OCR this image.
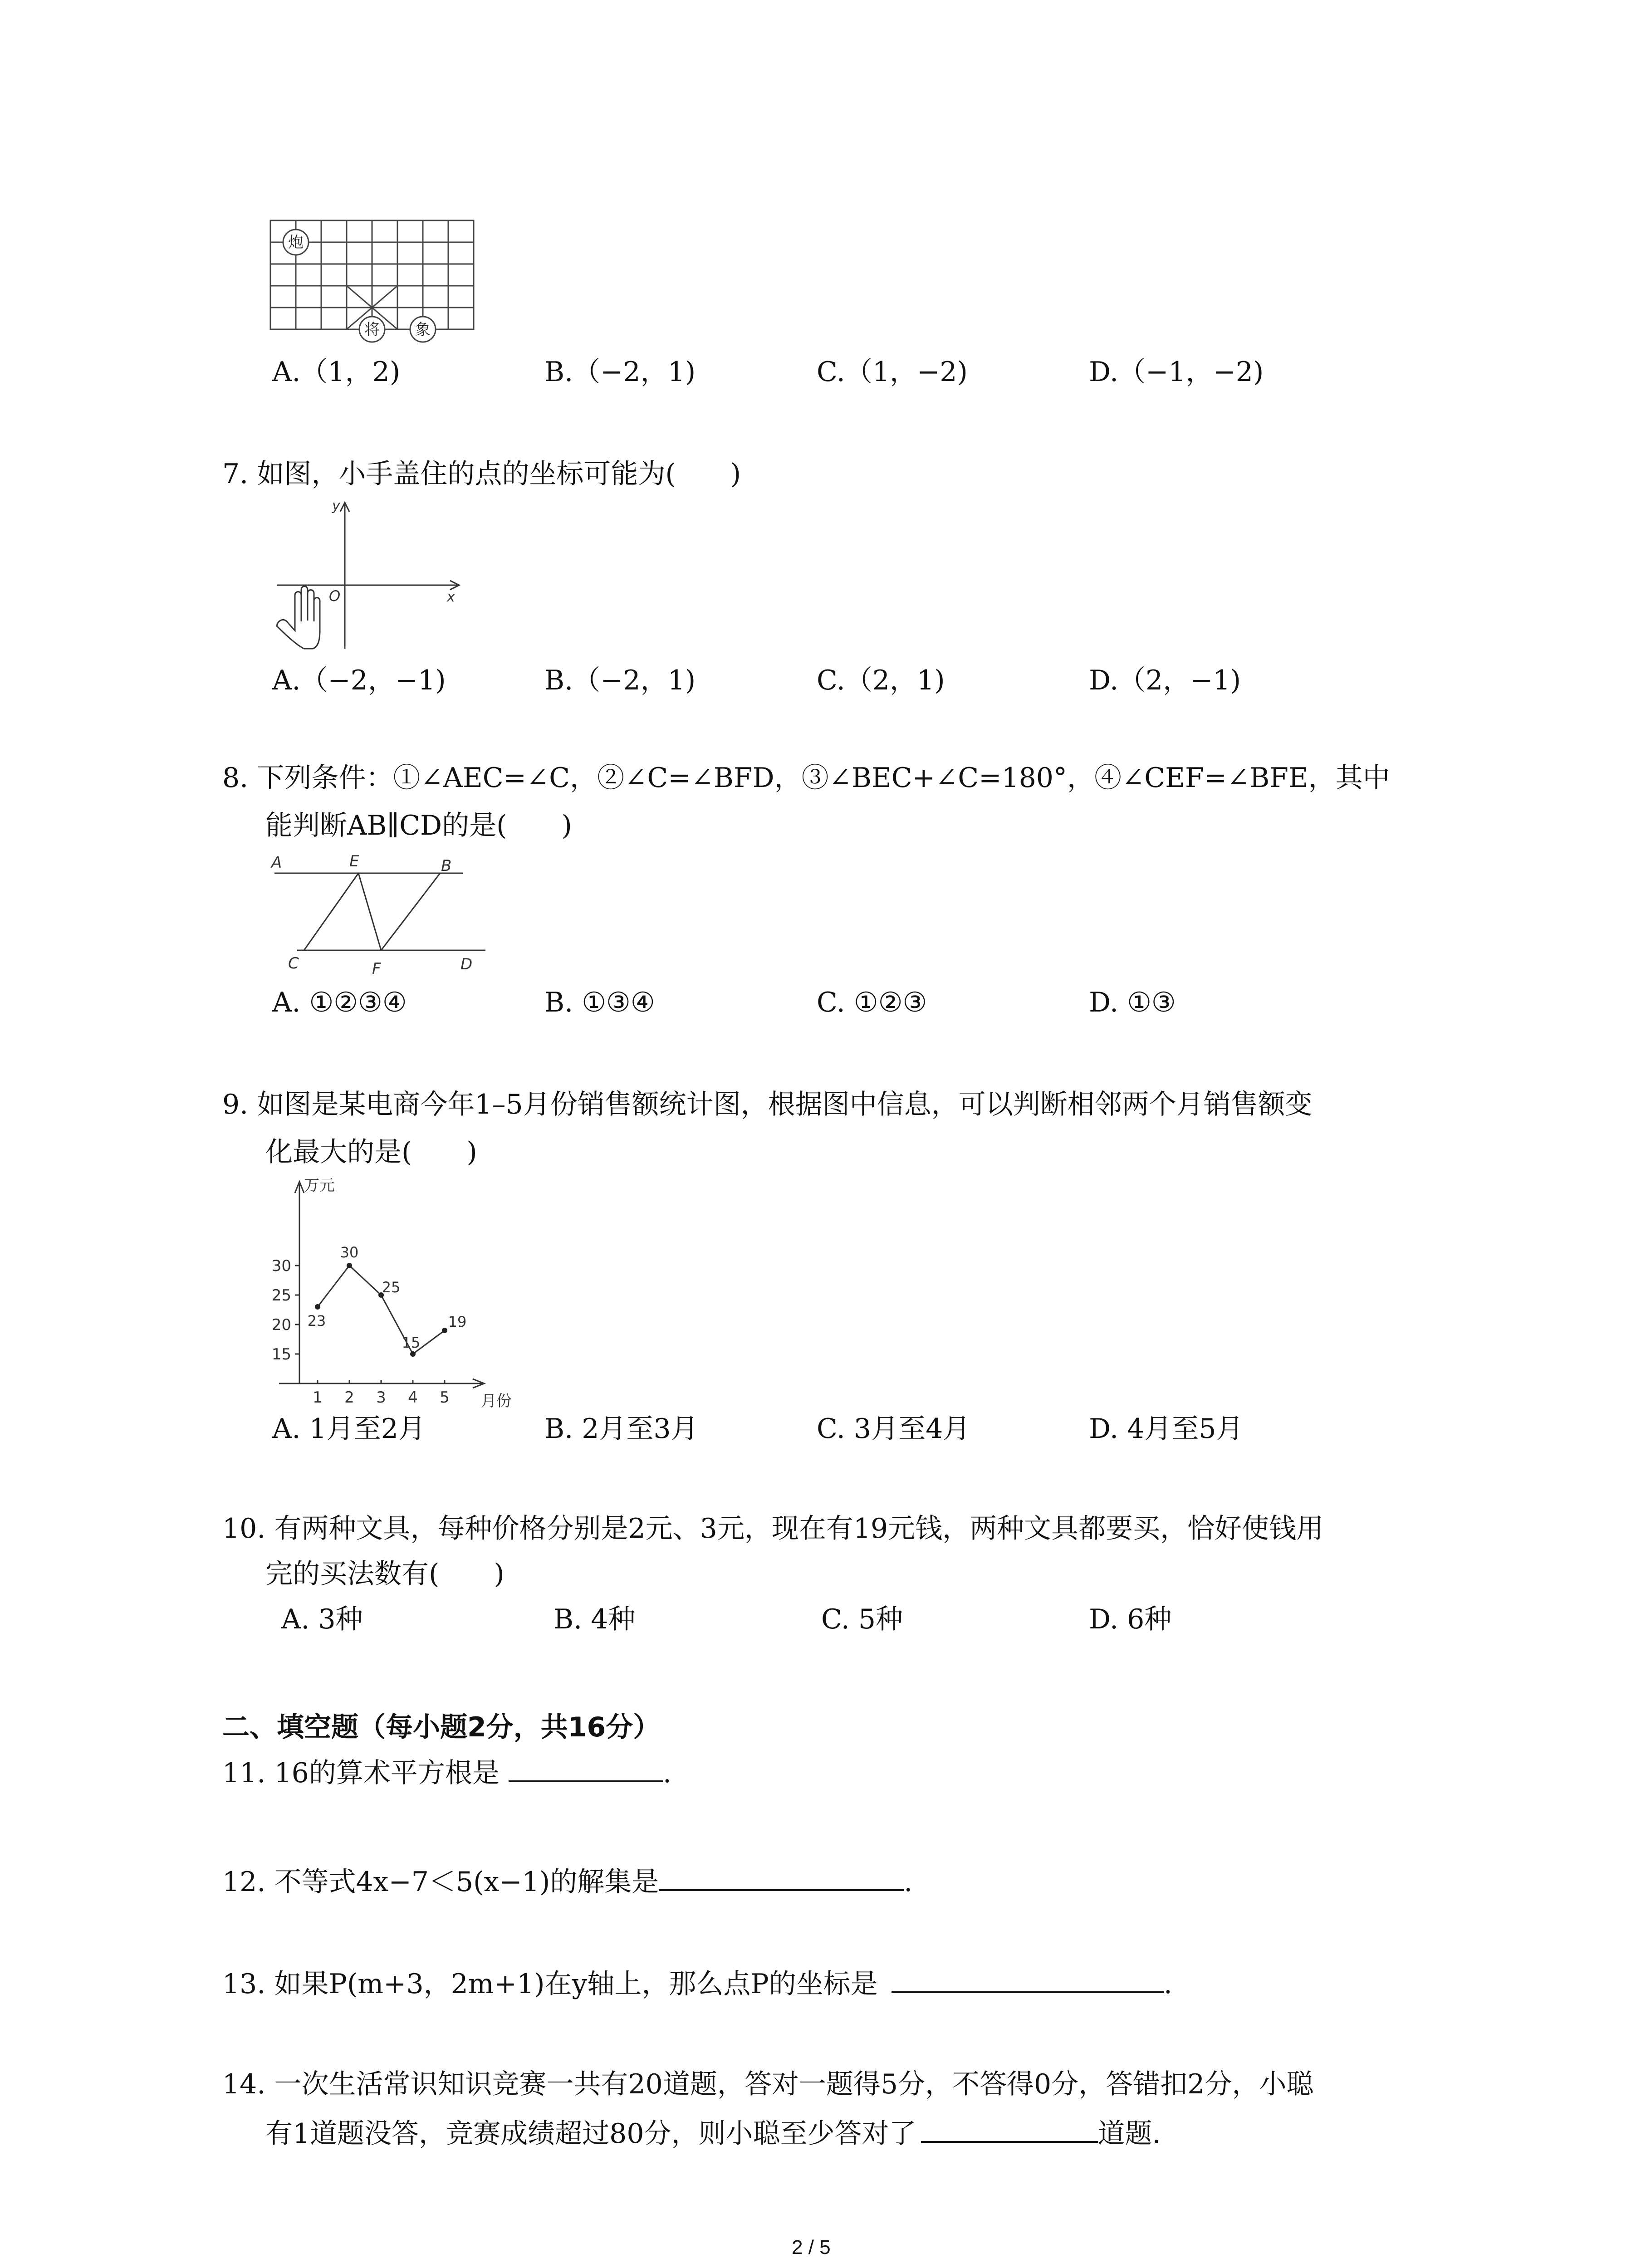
炮
将 象
A.（1，2)	B.（−2，1)	C.（1，−2)	D.（−1，−2)
7. 如图，小手盖住的点的坐标可能为(　　)
y
x
O
A.（−2，−1)	B.（−2，1)	C.（2，1)	D.（2，−1)
8. 下列条件：①∠AEC=∠C，②∠C=∠BFD，③∠BEC+∠C=180°，④∠CEF=∠BFE，其中
能判断AB∥CD的是(　　)
A	E	B
C	F	D
A. ①②③④	B. ①③④	C. ①②③	D. ①③
9. 如图是某电商今年1–5月份销售额统计图，根据图中信息，可以判断相邻两个月销售额变
化最大的是(　　)
万元
月份
15
20
25
30
1 2 3 4 5
23
30
25
15
19
A. 1月至2月	B. 2月至3月	C. 3月至4月	D. 4月至5月
10. 有两种文具，每种价格分别是2元、3元，现在有19元钱，两种文具都要买，恰好使钱用
完的买法数有(　　)
A. 3种	B. 4种	C. 5种	D. 6种
二、填空题（每小题2分，共16分）
11. 16的算术平方根是	.
12. 不等式4x−7＜5(x−1)的解集是	.
13. 如果P(m+3，2m+1)在y轴上，那么点P的坐标是	.
14. 一次生活常识知识竞赛一共有20道题，答对一题得5分，不答得0分，答错扣2分，小聪
有1道题没答，竞赛成绩超过80分，则小聪至少答对了	道题.
2 / 5
